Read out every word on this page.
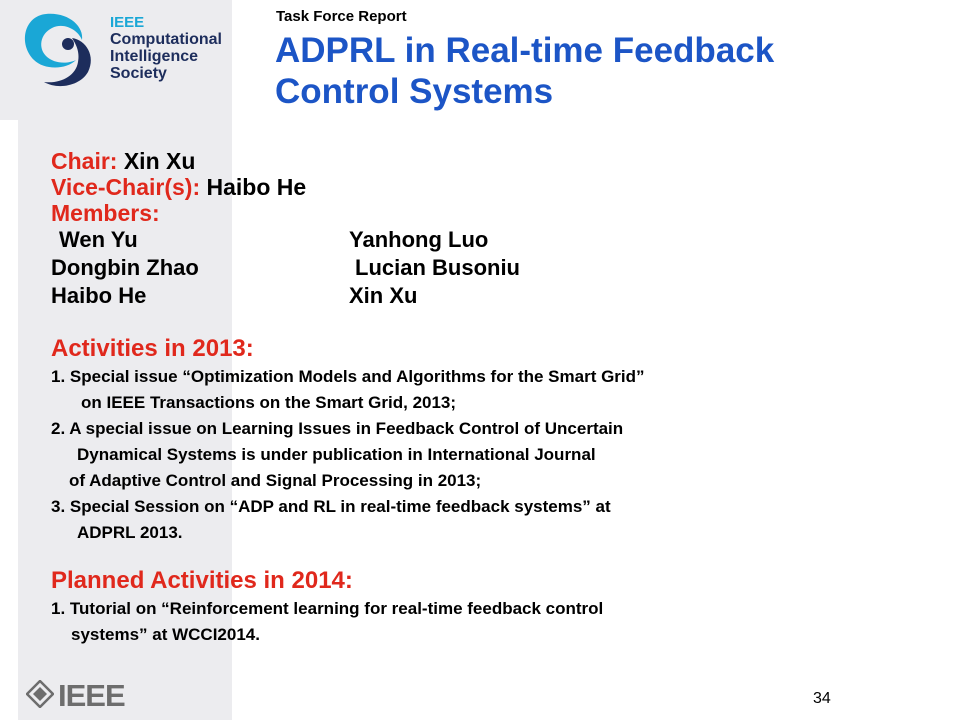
IEEE
Computational
Intelligence
Society
Task Force Report
ADPRL in Real-time Feedback
Control Systems
Chair: Xin Xu
Vice-Chair(s): Haibo He
Members:
Wen Yu	Yanhong Luo
Dongbin Zhao	Lucian Busoniu
Haibo He	Xin Xu
Activities in 2013:
1. Special issue “Optimization Models and Algorithms for the Smart Grid”
on IEEE Transactions on the Smart Grid, 2013;
2. A special issue on Learning Issues in Feedback Control of Uncertain
Dynamical Systems is under publication in International Journal
of Adaptive Control and Signal Processing in 2013;
3. Special Session on “ADP and RL in real-time feedback systems” at
ADPRL 2013.
Planned Activities in 2014:
1. Tutorial on “Reinforcement learning for real-time feedback control
systems” at WCCI2014.
IEEE	34
